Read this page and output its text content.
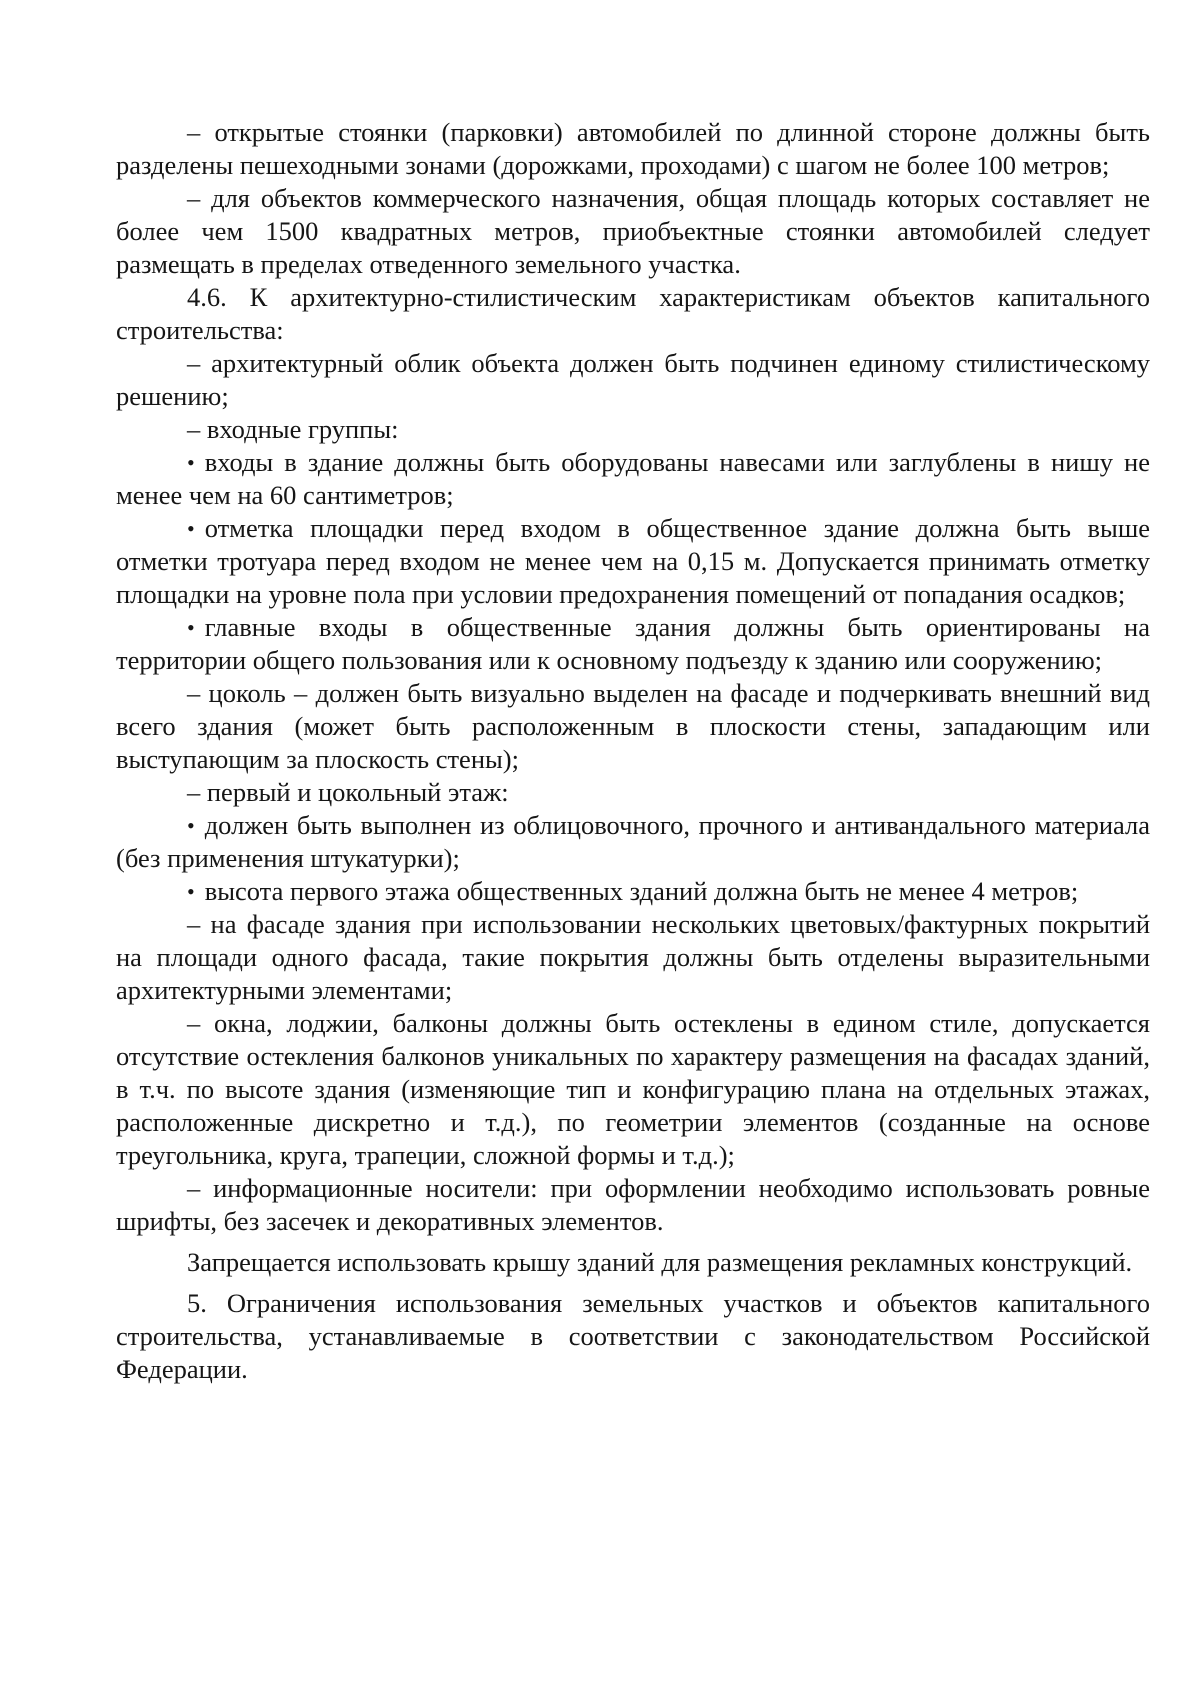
– открытые стоянки (парковки) автомобилей по длинной стороне должны быть разделены пешеходными зонами (дорожками, проходами) с шагом не более 100 метров;

– для объектов коммерческого назначения, общая площадь которых составляет не более чем 1500 квадратных метров, приобъектные стоянки автомобилей следует размещать в пределах отведенного земельного участка.

4.6. К архитектурно-стилистическим характеристикам объектов капитального строительства:

– архитектурный облик объекта должен быть подчинен единому стилистическому решению;

– входные группы:

• входы в здание должны быть оборудованы навесами или заглублены в нишу не менее чем на 60 сантиметров;

• отметка площадки перед входом в общественное здание должна быть выше отметки тротуара перед входом не менее чем на 0,15 м. Допускается принимать отметку площадки на уровне пола при условии предохранения помещений от попадания осадков;

• главные входы в общественные здания должны быть ориентированы на территории общего пользования или к основному подъезду к зданию или сооружению;

– цоколь – должен быть визуально выделен на фасаде и подчеркивать внешний вид всего здания (может быть расположенным в плоскости стены, западающим или выступающим за плоскость стены);

– первый и цокольный этаж:

• должен быть выполнен из облицовочного, прочного и антивандального материала (без применения штукатурки);

• высота первого этажа общественных зданий должна быть не менее 4 метров;

– на фасаде здания при использовании нескольких цветовых/фактурных покрытий на площади одного фасада, такие покрытия должны быть отделены выразительными архитектурными элементами;

– окна, лоджии, балконы должны быть остеклены в едином стиле, допускается отсутствие остекления балконов уникальных по характеру размещения на фасадах зданий, в т.ч. по высоте здания (изменяющие тип и конфигурацию плана на отдельных этажах, расположенные дискретно и т.д.), по геометрии элементов (созданные на основе треугольника, круга, трапеции, сложной формы и т.д.);

– информационные носители: при оформлении необходимо использовать ровные шрифты, без засечек и декоративных элементов.

Запрещается использовать крышу зданий для размещения рекламных конструкций.

5. Ограничения использования земельных участков и объектов капитального строительства, устанавливаемые в соответствии с законодательством Российской Федерации.
